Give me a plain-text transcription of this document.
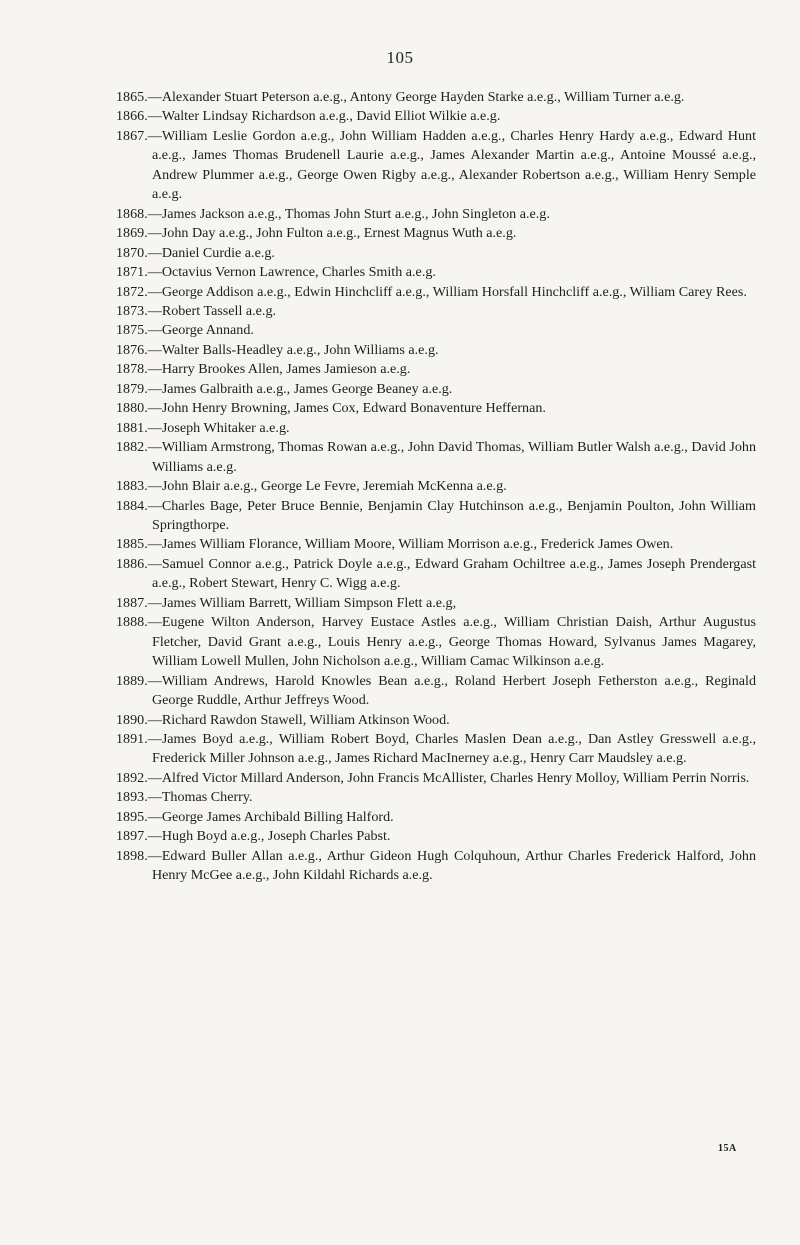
105

1865.—Alexander Stuart Peterson a.e.g., Antony George Hayden Starke a.e.g., William Turner a.e.g.

1866.—Walter Lindsay Richardson a.e.g., David Elliot Wilkie a.e.g.

1867.—William Leslie Gordon a.e.g., John William Hadden a.e.g., Charles Henry Hardy a.e.g., Edward Hunt a.e.g., James Thomas Brudenell Laurie a.e.g., James Alexander Martin a.e.g., Antoine Moussé a.e.g., Andrew Plummer a.e.g., George Owen Rigby a.e.g., Alexander Robertson a.e.g., William Henry Semple a.e.g.

1868.—James Jackson a.e.g., Thomas John Sturt a.e.g., John Singleton a.e.g.

1869.—John Day a.e.g., John Fulton a.e.g., Ernest Magnus Wuth a.e.g.

1870.—Daniel Curdie a.e.g.

1871.—Octavius Vernon Lawrence, Charles Smith a.e.g.

1872.—George Addison a.e.g., Edwin Hinchcliff a.e.g., William Horsfall Hinchcliff a.e.g., William Carey Rees.

1873.—Robert Tassell a.e.g.

1875.—George Annand.

1876.—Walter Balls-Headley a.e.g., John Williams a.e.g.

1878.—Harry Brookes Allen, James Jamieson a.e.g.

1879.—James Galbraith a.e.g., James George Beaney a.e.g.

1880.—John Henry Browning, James Cox, Edward Bonaventure Heffernan.

1881.—Joseph Whitaker a.e.g.

1882.—William Armstrong, Thomas Rowan a.e.g., John David Thomas, William Butler Walsh a.e.g., David John Williams a.e.g.

1883.—John Blair a.e.g., George Le Fevre, Jeremiah McKenna a.e.g.

1884.—Charles Bage, Peter Bruce Bennie, Benjamin Clay Hutchinson a.e.g., Benjamin Poulton, John William Springthorpe.

1885.—James William Florance, William Moore, William Morrison a.e.g., Frederick James Owen.

1886.—Samuel Connor a.e.g., Patrick Doyle a.e.g., Edward Graham Ochiltree a.e.g., James Joseph Prendergast a.e.g., Robert Stewart, Henry C. Wigg a.e.g.

1887.—James William Barrett, William Simpson Flett a.e.g,

1888.—Eugene Wilton Anderson, Harvey Eustace Astles a.e.g., William Christian Daish, Arthur Augustus Fletcher, David Grant a.e.g., Louis Henry a.e.g., George Thomas Howard, Sylvanus James Magarey, William Lowell Mullen, John Nicholson a.e.g., William Camac Wilkinson a.e.g.

1889.—William Andrews, Harold Knowles Bean a.e.g., Roland Herbert Joseph Fetherston a.e.g., Reginald George Ruddle, Arthur Jeffreys Wood.

1890.—Richard Rawdon Stawell, William Atkinson Wood.

1891.—James Boyd a.e.g., William Robert Boyd, Charles Maslen Dean a.e.g., Dan Astley Gresswell a.e.g., Frederick Miller Johnson a.e.g., James Richard MacInerney a.e.g., Henry Carr Maudsley a.e.g.

1892.—Alfred Victor Millard Anderson, John Francis McAllister, Charles Henry Molloy, William Perrin Norris.

1893.—Thomas Cherry.

1895.—George James Archibald Billing Halford.

1897.—Hugh Boyd a.e.g., Joseph Charles Pabst.

1898.—Edward Buller Allan a.e.g., Arthur Gideon Hugh Colquhoun, Arthur Charles Frederick Halford, John Henry McGee a.e.g., John Kildahl Richards a.e.g.

15A
